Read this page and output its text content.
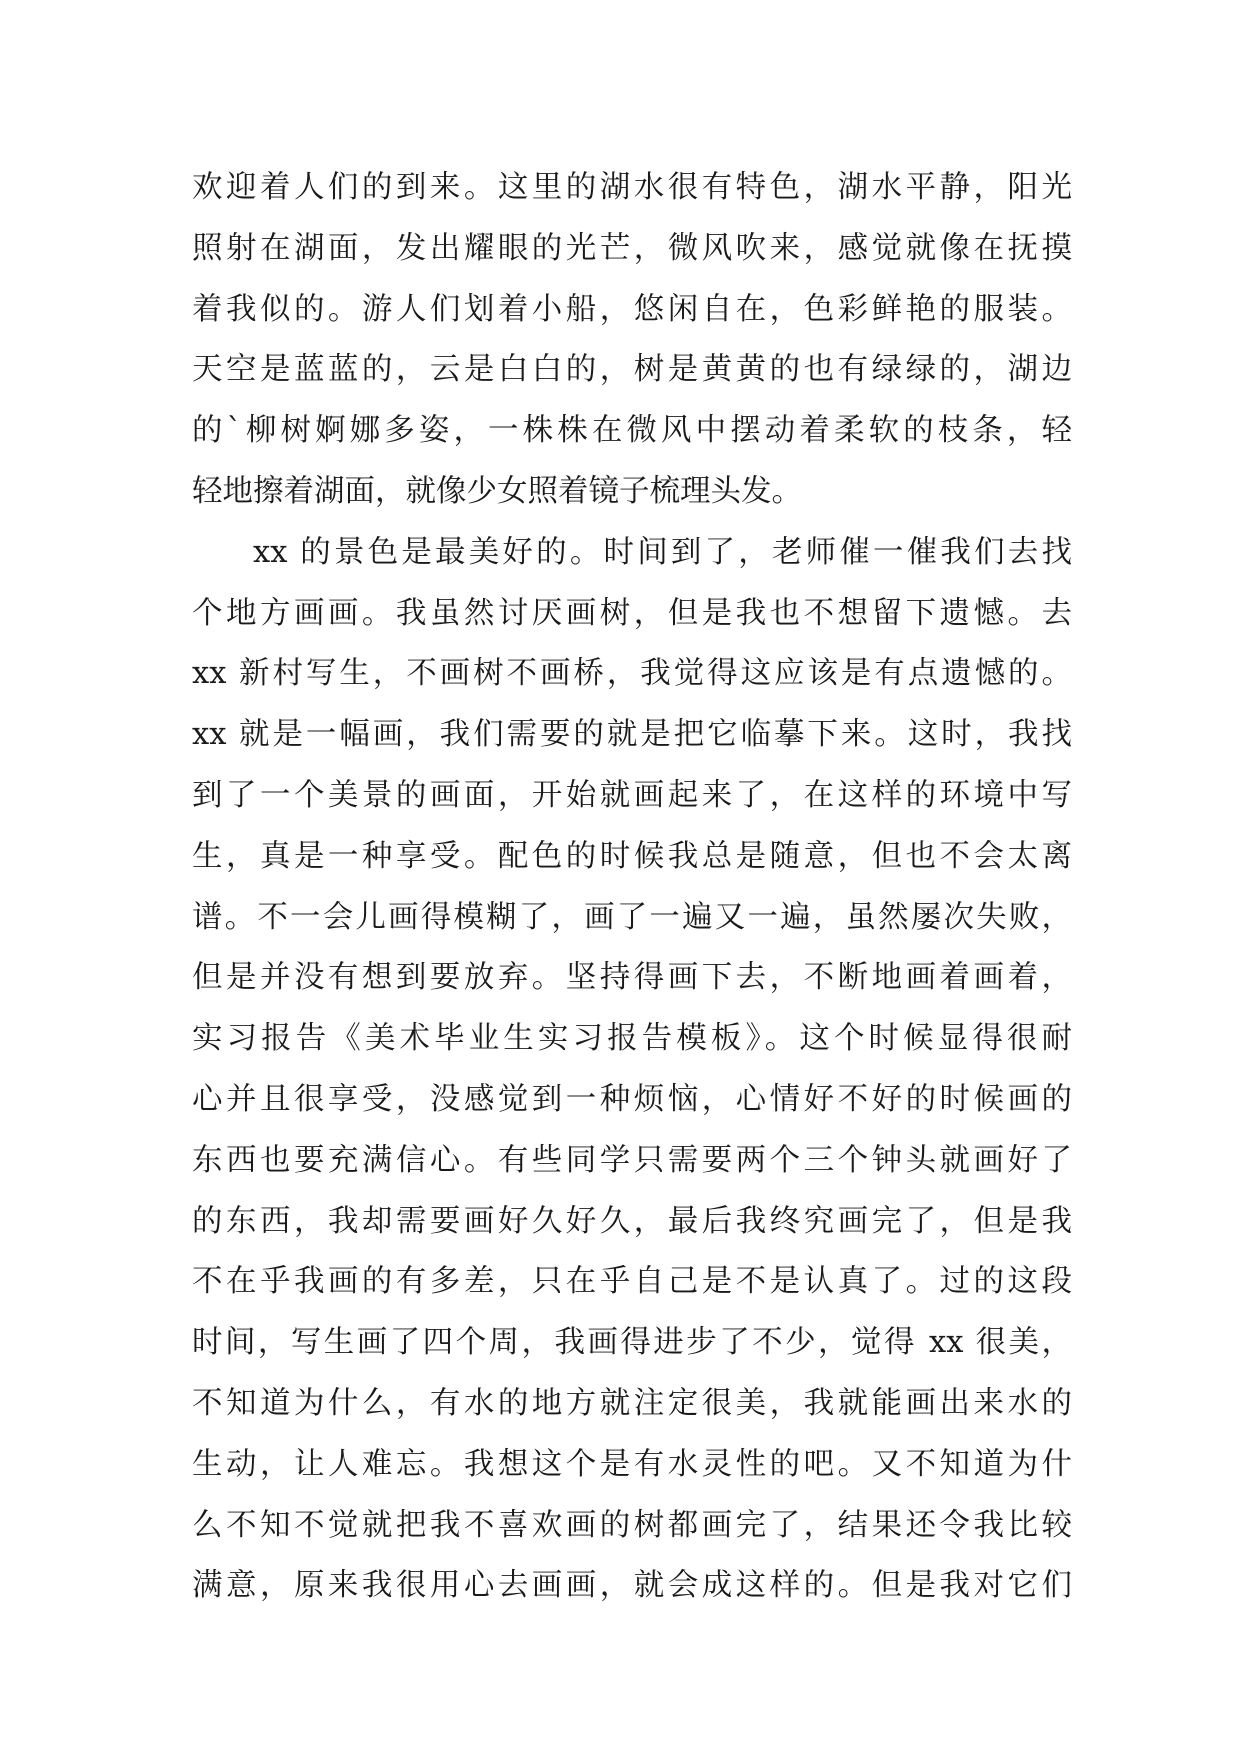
欢迎着人们的到来。这里的湖水很有特色，湖水平静，阳光
照射在湖面，发出耀眼的光芒，微风吹来，感觉就像在抚摸
着我似的。游人们划着小船，悠闲自在，色彩鲜艳的服装。
天空是蓝蓝的，云是白白的，树是黄黄的也有绿绿的，湖边
的`柳树婀娜多姿，一株株在微风中摆动着柔软的枝条，轻
轻地擦着湖面，就像少女照着镜子梳理头发。
xx 的景色是最美好的。时间到了，老师催一催我们去找
个地方画画。我虽然讨厌画树，但是我也不想留下遗憾。去
xx 新村写生，不画树不画桥，我觉得这应该是有点遗憾的。
xx 就是一幅画，我们需要的就是把它临摹下来。这时，我找
到了一个美景的画面，开始就画起来了，在这样的环境中写
生，真是一种享受。配色的时候我总是随意，但也不会太离
谱。不一会儿画得模糊了，画了一遍又一遍，虽然屡次失败，
但是并没有想到要放弃。坚持得画下去，不断地画着画着，
实习报告《美术毕业生实习报告模板》。这个时候显得很耐
心并且很享受，没感觉到一种烦恼，心情好不好的时候画的
东西也要充满信心。有些同学只需要两个三个钟头就画好了
的东西，我却需要画好久好久，最后我终究画完了，但是我
不在乎我画的有多差，只在乎自己是不是认真了。过的这段
时间，写生画了四个周，我画得进步了不少，觉得 xx 很美，
不知道为什么，有水的地方就注定很美，我就能画出来水的
生动，让人难忘。我想这个是有水灵性的吧。又不知道为什
么不知不觉就把我不喜欢画的树都画完了，结果还令我比较
满意，原来我很用心去画画，就会成这样的。但是我对它们
